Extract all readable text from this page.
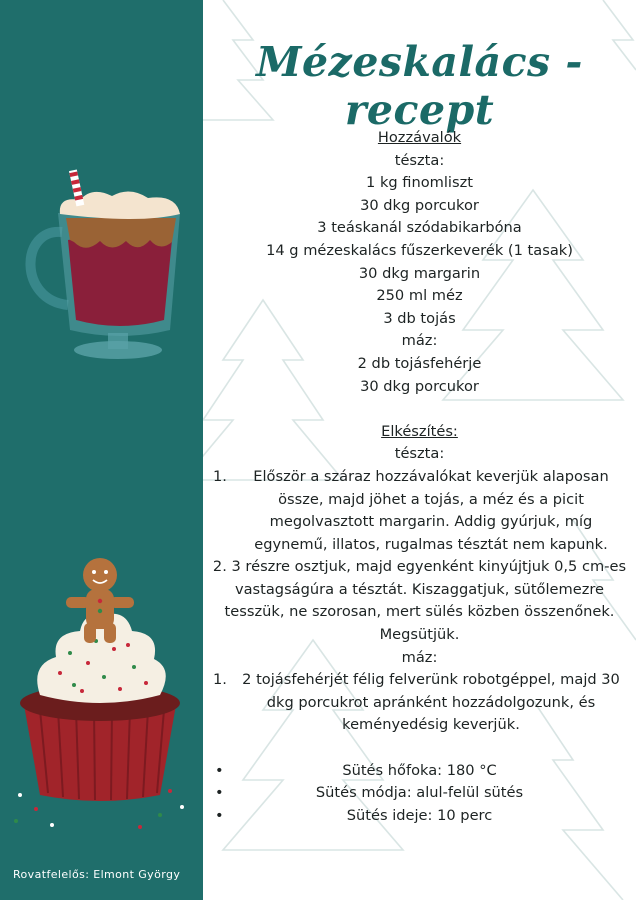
Rovatfelelős: Elmont György
Mézeskalács - recept
Hozzávalók
tészta:
1 kg finomliszt
30 dkg porcukor
3 teáskanál szódabikarbóna
14 g mézeskalács fűszerkeverék (1 tasak)
30 dkg margarin
250 ml méz
3 db tojás
máz:
2 db tojásfehérje
30 dkg porcukor
Elkészítés:
tészta:
1. Először a száraz hozzávalókat keverjük alaposan össze, majd jöhet a tojás, a méz és a picit megolvasztott margarin. Addig gyúrjuk, míg egynemű, illatos, rugalmas tésztát nem kapunk.
2. 3 részre osztjuk, majd egyenként kinyújtjuk 0,5 cm-es vastagságúra a tésztát. Kiszaggatjuk, sütőlemezre tesszük, ne szorosan, mert sülés közben összenőnek. Megsütjük.
máz:
1. 2 tojásfehérjét félig felverünk robotgéppel, majd 30 dkg porcukrot apránként hozzádolgozunk, és keményedésig keverjük.
•	Sütés hőfoka: 180 °C
•	Sütés módja: alul-felül sütés
•	Sütés ideje: 10 perc
